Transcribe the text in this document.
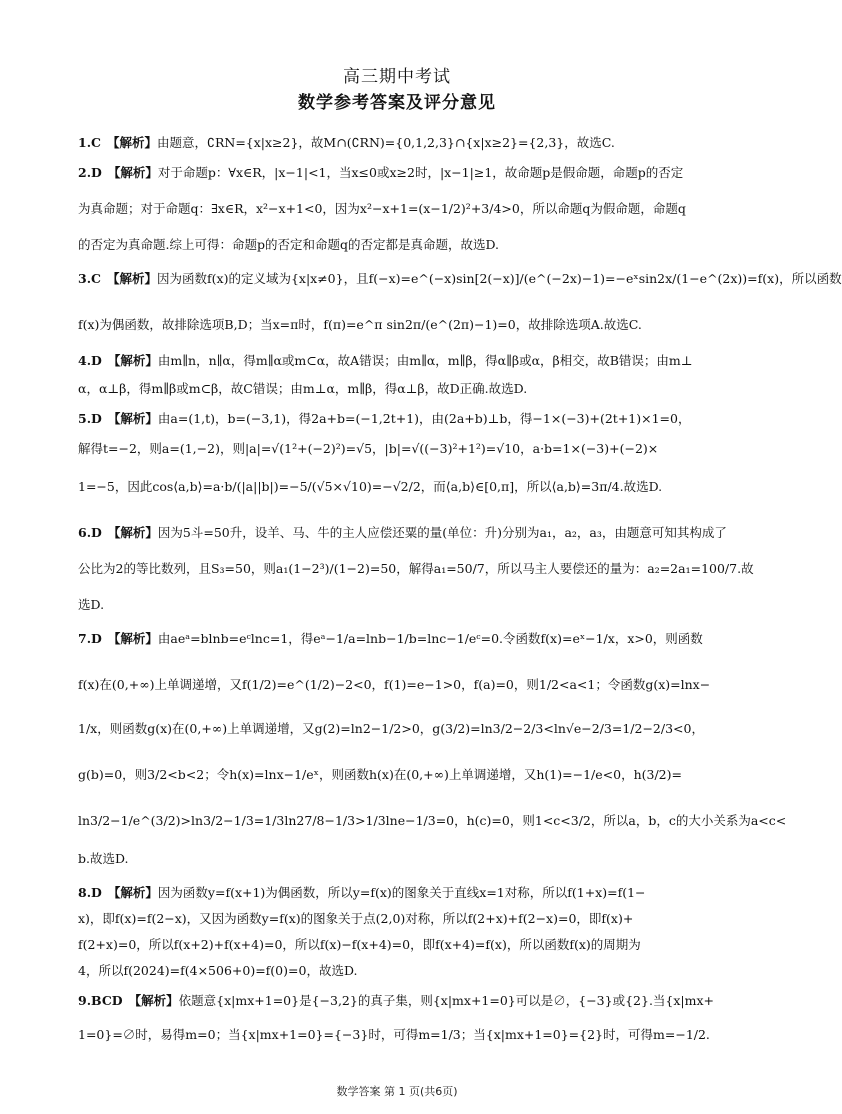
高三期中考试
数学参考答案及评分意见
1.C 【解析】由题意，∁RN={x|x≥2}，故M∩(∁RN)={0,1,2,3}∩{x|x≥2}={2,3}，故选C.
2.D 【解析】对于命题p：∀x∈R，|x−1|<1，当x≤0或x≥2时，|x−1|≥1，故命题p是假命题，命题p的否定
为真命题；对于命题q：∃x∈R，x²−x+1<0，因为x²−x+1=(x−1/2)²+3/4>0，所以命题q为假命题，命题q
的否定为真命题.综上可得：命题p的否定和命题q的否定都是真命题，故选D.
3.C 【解析】因为函数f(x)的定义域为{x|x≠0}，且f(−x)=e^(−x)sin[2(−x)]/(e^(−2x)−1)=−eˣsin2x/(1−e^(2x))=f(x)，所以函数
f(x)为偶函数，故排除选项B,D；当x=π时，f(π)=e^π sin2π/(e^(2π)−1)=0，故排除选项A.故选C.
4.D 【解析】由m∥n，n∥α，得m∥α或m⊂α，故A错误；由m∥α，m∥β，得α∥β或α，β相交，故B错误；由m⊥
α，α⊥β，得m∥β或m⊂β，故C错误；由m⊥α，m∥β，得α⊥β，故D正确.故选D.
5.D 【解析】由a=(1,t)，b=(−3,1)，得2a+b=(−1,2t+1)，由(2a+b)⊥b，得−1×(−3)+(2t+1)×1=0，
解得t=−2，则a=(1,−2)，则|a|=√(1²+(−2)²)=√5，|b|=√((−3)²+1²)=√10，a·b=1×(−3)+(−2)×
1=−5，因此cos⟨a,b⟩=a·b/(|a||b|)=−5/(√5×√10)=−√2/2，而⟨a,b⟩∈[0,π]，所以⟨a,b⟩=3π/4.故选D.
6.D 【解析】因为5斗=50升，设羊、马、牛的主人应偿还粟的量(单位：升)分别为a₁，a₂，a₃，由题意可知其构成了
公比为2的等比数列，且S₃=50，则a₁(1−2³)/(1−2)=50，解得a₁=50/7，所以马主人要偿还的量为：a₂=2a₁=100/7.故
选D.
7.D 【解析】由aeᵃ=blnb=eᶜlnc=1，得eᵃ−1/a=lnb−1/b=lnc−1/eᶜ=0.令函数f(x)=eˣ−1/x，x>0，则函数
f(x)在(0,+∞)上单调递增，又f(1/2)=e^(1/2)−2<0，f(1)=e−1>0，f(a)=0，则1/2<a<1；令函数g(x)=lnx−
1/x，则函数g(x)在(0,+∞)上单调递增，又g(2)=ln2−1/2>0，g(3/2)=ln3/2−2/3<ln√e−2/3=1/2−2/3<0，
g(b)=0，则3/2<b<2；令h(x)=lnx−1/eˣ，则函数h(x)在(0,+∞)上单调递增，又h(1)=−1/e<0，h(3/2)=
ln3/2−1/e^(3/2)>ln3/2−1/3=1/3ln27/8−1/3>1/3lne−1/3=0，h(c)=0，则1<c<3/2，所以a，b，c的大小关系为a<c<
b.故选D.
8.D 【解析】因为函数y=f(x+1)为偶函数，所以y=f(x)的图象关于直线x=1对称，所以f(1+x)=f(1−
x)，即f(x)=f(2−x)，又因为函数y=f(x)的图象关于点(2,0)对称，所以f(2+x)+f(2−x)=0，即f(x)+
f(2+x)=0，所以f(x+2)+f(x+4)=0，所以f(x)−f(x+4)=0，即f(x+4)=f(x)，所以函数f(x)的周期为
4，所以f(2024)=f(4×506+0)=f(0)=0，故选D.
9.BCD 【解析】依题意{x|mx+1=0}是{−3,2}的真子集，则{x|mx+1=0}可以是∅，{−3}或{2}.当{x|mx+
1=0}=∅时，易得m=0；当{x|mx+1=0}={−3}时，可得m=1/3；当{x|mx+1=0}={2}时，可得m=−1/2.
数学答案 第 1 页(共6页)
